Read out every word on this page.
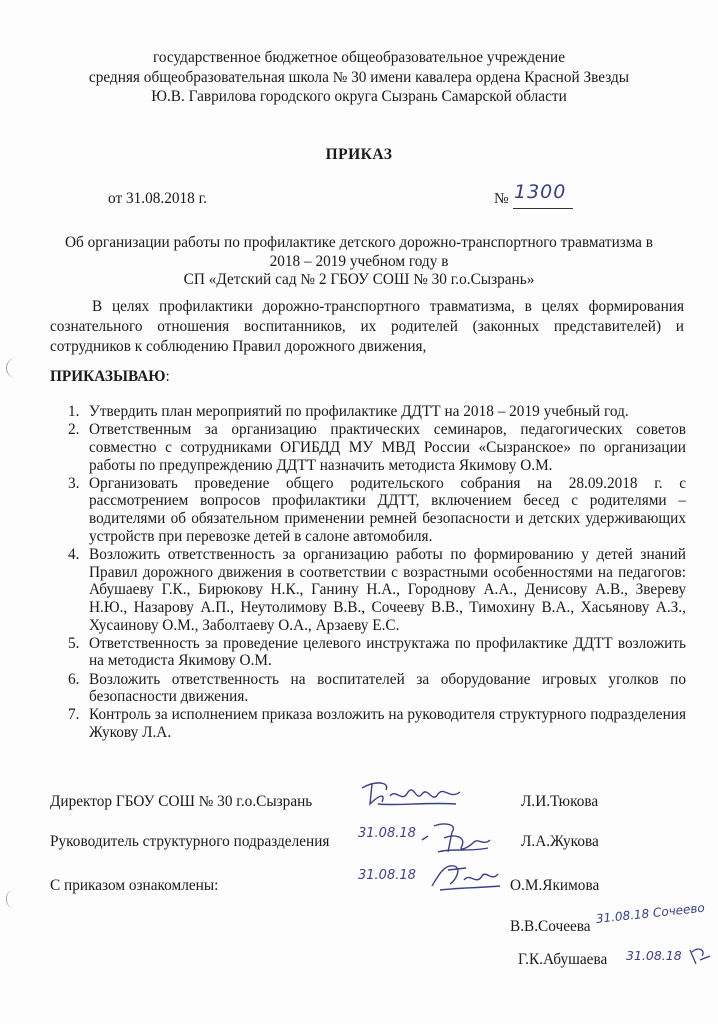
государственное бюджетное общеобразовательное учреждение
средняя общеобразовательная школа № 30 имени кавалера ордена Красной Звезды
Ю.В. Гаврилова городского округа Сызрань Самарской области
ПРИКАЗ
от 31.08.2018 г.	№ 1300
Об организации работы по профилактике детского дорожно-транспортного травматизма в
2018 – 2019 учебном году в
СП «Детский сад № 2 ГБОУ СОШ № 30 г.о.Сызрань»
В целях профилактики дорожно-транспортного травматизма, в целях формирования сознательного отношения воспитанников, их родителей (законных представителей) и сотрудников к соблюдению Правил дорожного движения,
ПРИКАЗЫВАЮ:
1. Утвердить план мероприятий по профилактике ДДТТ на 2018 – 2019 учебный год.
2. Ответственным за организацию практических семинаров, педагогических советов совместно с сотрудниками ОГИБДД МУ МВД России «Сызранское» по организации работы по предупреждению ДДТТ назначить методиста Якимову О.М.
3. Организовать проведение общего родительского собрания на 28.09.2018 г. с рассмотрением вопросов профилактики ДДТТ, включением бесед с родителями – водителями об обязательном применении ремней безопасности и детских удерживающих устройств при перевозке детей в салоне автомобиля.
4. Возложить ответственность за организацию работы по формированию у детей знаний Правил дорожного движения в соответствии с возрастными особенностями на педагогов: Абушаеву Г.К., Бирюкову Н.К., Ганину Н.А., Городнову А.А., Денисову А.В., Звереву Н.Ю., Назарову А.П., Неутолимову В.В., Сочееву В.В., Тимохину В.А., Хасьянову А.З., Хусаинову О.М., Заболтаеву О.А., Арзаеву Е.С.
5. Ответственность за проведение целевого инструктажа по профилактике ДДТТ возложить на методиста Якимову О.М.
6. Возложить ответственность на воспитателей за оборудование игровых уголков по безопасности движения.
7. Контроль за исполнением приказа возложить на руководителя структурного подразделения Жукову Л.А.
Директор ГБОУ СОШ № 30 г.о.Сызрань	Л.И.Тюкова
Руководитель структурного подразделения	Л.А.Жукова
31.08.18
С приказом ознакомлены:	О.М.Якимова
31.08.18
В.В.Сочеева
31.08.18 Сочеево
Г.К.Абушаева 31.08.18
